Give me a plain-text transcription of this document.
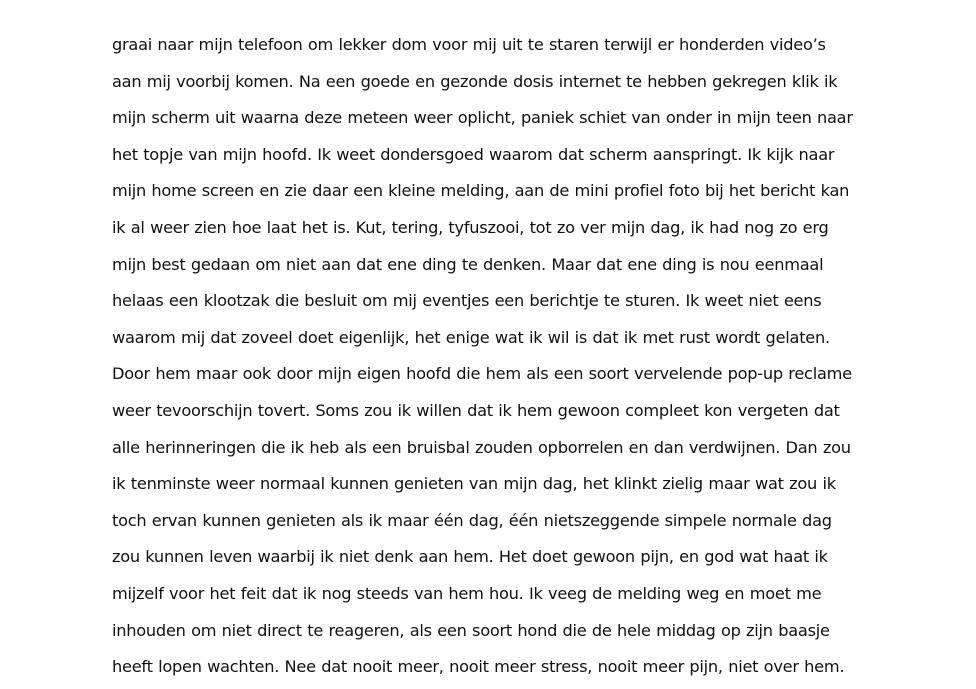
graai naar mijn telefoon om lekker dom voor mij uit te staren terwijl er honderden video’s
aan mij voorbij komen. Na een goede en gezonde dosis internet te hebben gekregen klik ik
mijn scherm uit waarna deze meteen weer oplicht, paniek schiet van onder in mijn teen naar
het topje van mijn hoofd. Ik weet dondersgoed waarom dat scherm aanspringt. Ik kijk naar
mijn home screen en zie daar een kleine melding, aan de mini profiel foto bij het bericht kan
ik al weer zien hoe laat het is. Kut, tering, tyfuszooi, tot zo ver mijn dag, ik had nog zo erg
mijn best gedaan om niet aan dat ene ding te denken. Maar dat ene ding is nou eenmaal
helaas een klootzak die besluit om mij eventjes een berichtje te sturen. Ik weet niet eens
waarom mij dat zoveel doet eigenlijk, het enige wat ik wil is dat ik met rust wordt gelaten.
Door hem maar ook door mijn eigen hoofd die hem als een soort vervelende pop-up reclame
weer tevoorschijn tovert. Soms zou ik willen dat ik hem gewoon compleet kon vergeten dat
alle herinneringen die ik heb als een bruisbal zouden opborrelen en dan verdwijnen. Dan zou
ik tenminste weer normaal kunnen genieten van mijn dag, het klinkt zielig maar wat zou ik
toch ervan kunnen genieten als ik maar één dag, één nietszeggende simpele normale dag
zou kunnen leven waarbij ik niet denk aan hem. Het doet gewoon pijn, en god wat haat ik
mijzelf voor het feit dat ik nog steeds van hem hou. Ik veeg de melding weg en moet me
inhouden om niet direct te reageren, als een soort hond die de hele middag op zijn baasje
heeft lopen wachten. Nee dat nooit meer, nooit meer stress, nooit meer pijn, niet over hem.
